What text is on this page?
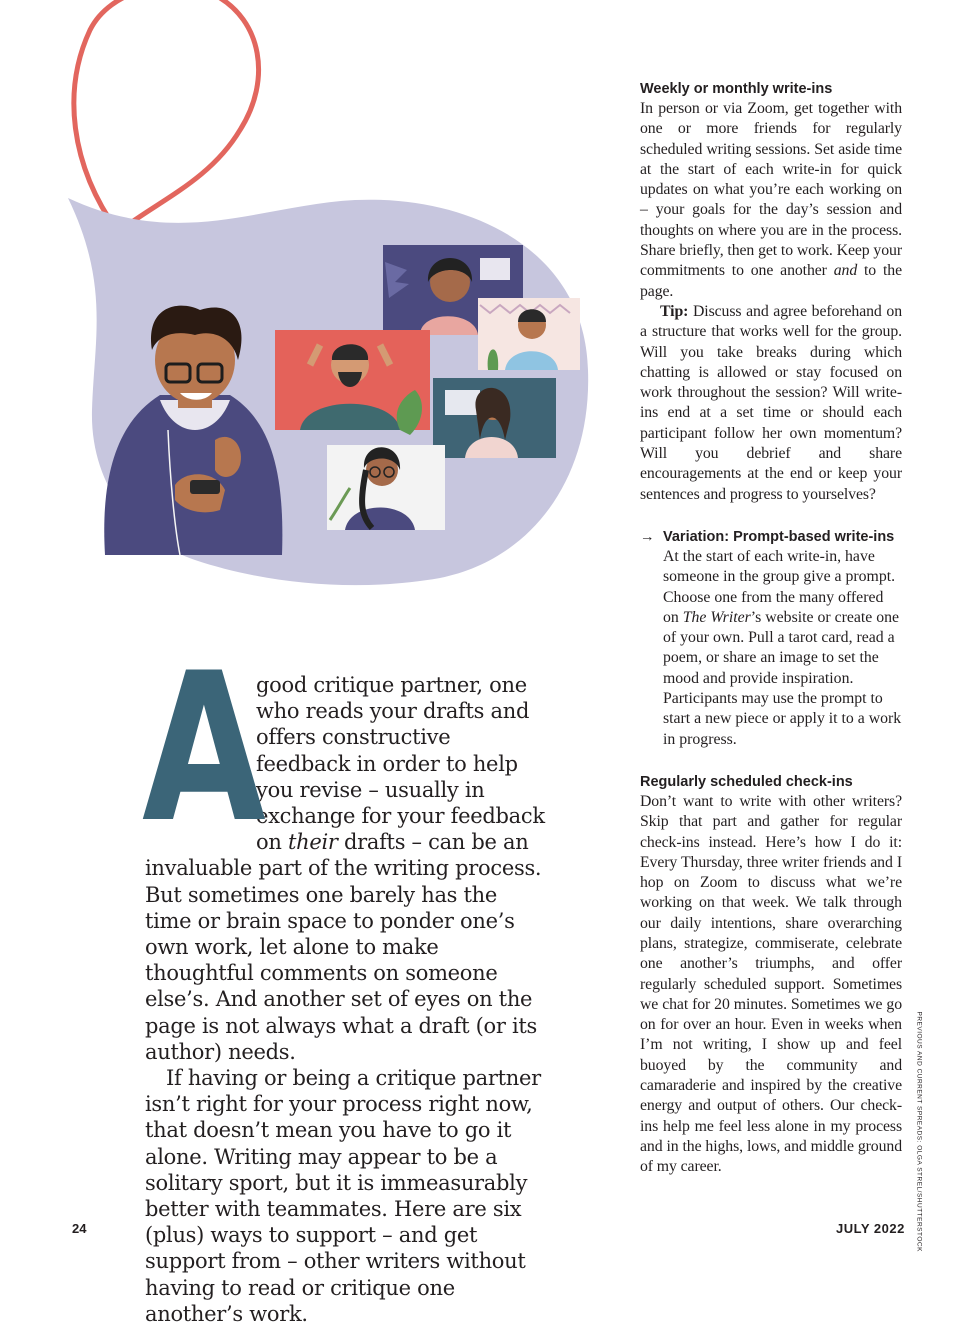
A
good critique partner, one who reads your drafts and offers constructive feedback in order to help you revise – usually in exchange for your feedback on their drafts – can be an invaluable part of the writing process. But sometimes one barely has the time or brain space to ponder one’s own work, let alone to make thoughtful comments on someone else’s. And another set of eyes on the page is not always what a draft (or its author) needs.

If having or being a critique partner isn’t right for your process right now, that doesn’t mean you have to go it alone. Writing may appear to be a solitary sport, but it is immeasurably better with teammates. Here are six (plus) ways to support – and get support from – other writers without having to read or critique one another’s work.

Weekly or monthly write-ins

In person or via Zoom, get together with one or more friends for regularly scheduled writing sessions. Set aside time at the start of each write-in for quick updates on what you’re each working on – your goals for the day’s session and thoughts on where you are in the process. Share briefly, then get to work. Keep your commitments to one another and to the page.

Tip: Discuss and agree beforehand on a structure that works well for the group. Will you take breaks during which chatting is allowed or stay focused on work throughout the session? Will write-ins end at a set time or should each participant follow her own momentum? Will you debrief and share encouragements at the end or keep your sentences and progress to yourselves?

→ Variation: Prompt-based write-ins

At the start of each write-in, have someone in the group give a prompt. Choose one from the many offered on The Writer’s website or create one of your own. Pull a tarot card, read a poem, or share an image to set the mood and provide inspiration. Participants may use the prompt to start a new piece or apply it to a work in progress.

Regularly scheduled check-ins

Don’t want to write with other writers? Skip that part and gather for regular check-ins instead. Here’s how I do it: Every Thursday, three writer friends and I hop on Zoom to discuss what we’re working on that week. We talk through our daily intentions, share overarching plans, strategize, commiserate, celebrate one another’s triumphs, and offer regularly scheduled support. Sometimes we chat for 20 minutes. Sometimes we go on for over an hour. Even in weeks when I’m not writing, I show up and feel buoyed by the community and camaraderie and inspired by the creative energy and output of others. Our check-ins help me feel less alone in my process and in the highs, lows, and middle ground of my career.	PREVIOUS AND CURRENT SPREADS: OLGA STREL/SHUTTERSTOCK
24	JULY 2022
